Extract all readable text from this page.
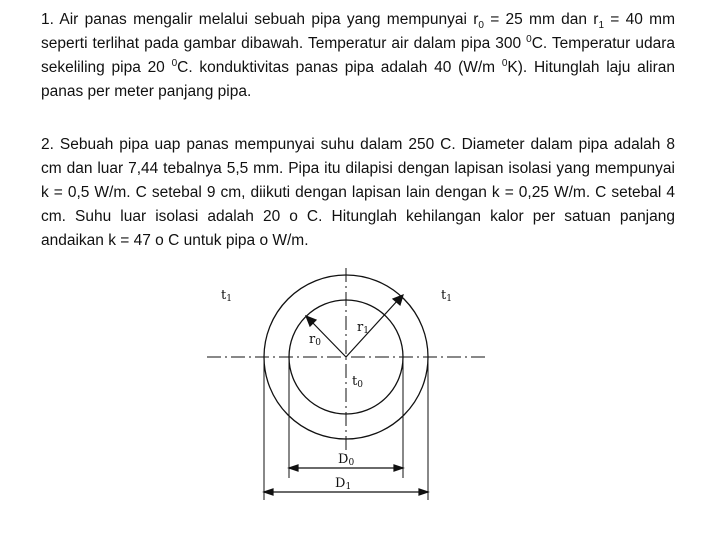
1. Air panas mengalir melalui sebuah pipa yang mempunyai $r_0 = 25$ mm dan $r_1 = 40$ mm seperti terlihat pada gambar dibawah. Temperatur air dalam pipa 300 $^0$C. Temperatur udara sekeliling pipa 20 $^0$C. konduktivitas panas pipa adalah 40 (W/m $^0$K). Hitunglah laju aliran panas per meter panjang pipa.

2. Sebuah pipa uap panas mempunyai suhu dalam 250 C. Diameter dalam pipa adalah 8 cm dan luar 7,44 tebalnya 5,5 mm. Pipa itu dilapisi dengan lapisan isolasi yang mempunyai k = 0,5 W/m. C setebal 9 cm, diikuti dengan lapisan lain dengan k = 0,25 W/m. C setebal 4 cm. Suhu luar isolasi adalah 20 o C. Hitunglah kehilangan kalor per satuan panjang andaikan k = 47 o C untuk pipa o W/m.

t1	t1
r0
r1
t0
D0
D1
